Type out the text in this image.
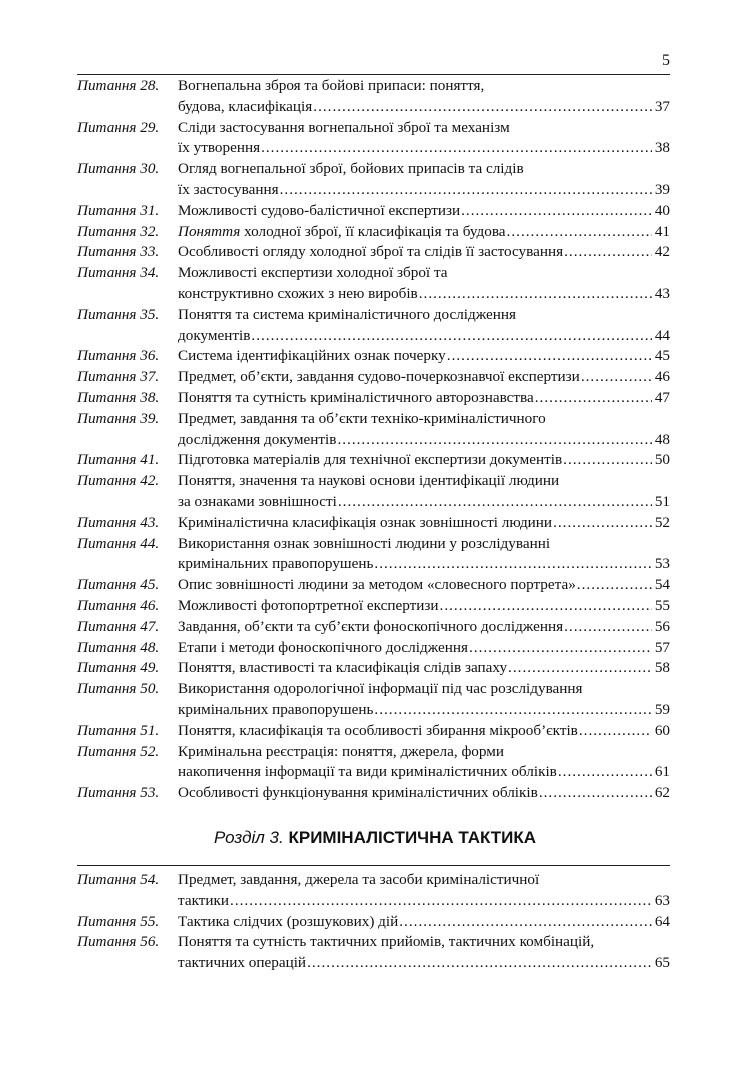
5
Питання 28.	Вогнепальна зброя та бойові припаси: поняття,
будова, класифікація .....	37
Питання 29.	Сліди застосування вогнепальної зброї та механізм
їх утворення .....	38
Питання 30.	Огляд вогнепальної зброї, бойових припасів та слідів
їх застосування .....	39
Питання 31.	Можливості судово-балістичної експертизи .....	40
Питання 32.	Поняття холодної зброї, її класифікація та будова .....	41
Питання 33.	Особливості огляду холодної зброї та слідів її застосування .....	42
Питання 34.	Можливості експертизи холодної зброї та
конструктивно схожих з нею виробів .....	43
Питання 35.	Поняття та система криміналістичного дослідження
документів .....	44
Питання 36.	Система ідентифікаційних ознак почерку .....	45
Питання 37.	Предмет, об’єкти, завдання судово-почеркознавчої експертизи .....	46
Питання 38.	Поняття та сутність криміналістичного авторознавства .....	47
Питання 39.	Предмет, завдання та об’єкти техніко-криміналістичного
дослідження документів .....	48
Питання 41.	Підготовка матеріалів для технічної експертизи документів .....	50
Питання 42.	Поняття, значення та наукові основи ідентифікації людини
за ознаками зовнішності .....	51
Питання 43.	Криміналістична класифікація ознак зовнішності людини .....	52
Питання 44.	Використання ознак зовнішності людини у розслідуванні
кримінальних правопорушень .....	53
Питання 45.	Опис зовнішності людини за методом «словесного портрета» .....	54
Питання 46.	Можливості фотопортретної експертизи .....	55
Питання 47.	Завдання, об’єкти та суб’єкти фоноскопічного дослідження .....	56
Питання 48.	Етапи і методи фоноскопічного дослідження .....	57
Питання 49.	Поняття, властивості та класифікація слідів запаху .....	58
Питання 50.	Використання одорологічної інформації під час розслідування
кримінальних правопорушень .....	59
Питання 51.	Поняття, класифікація та особливості збирання мікрооб’єктів .....	60
Питання 52.	Кримінальна реєстрація: поняття, джерела, форми
накопичення інформації та види криміналістичних обліків .....	61
Питання 53.	Особливості функціонування криміналістичних обліків .....	62
Розділ 3. КРИМІНАЛІСТИЧНА ТАКТИКА
Питання 54.	Предмет, завдання, джерела та засоби криміналістичної
тактики .....	63
Питання 55.	Тактика слідчих (розшукових) дій .....	64
Питання 56.	Поняття та сутність тактичних прийомів, тактичних комбінацій,
тактичних операцій .....	65
